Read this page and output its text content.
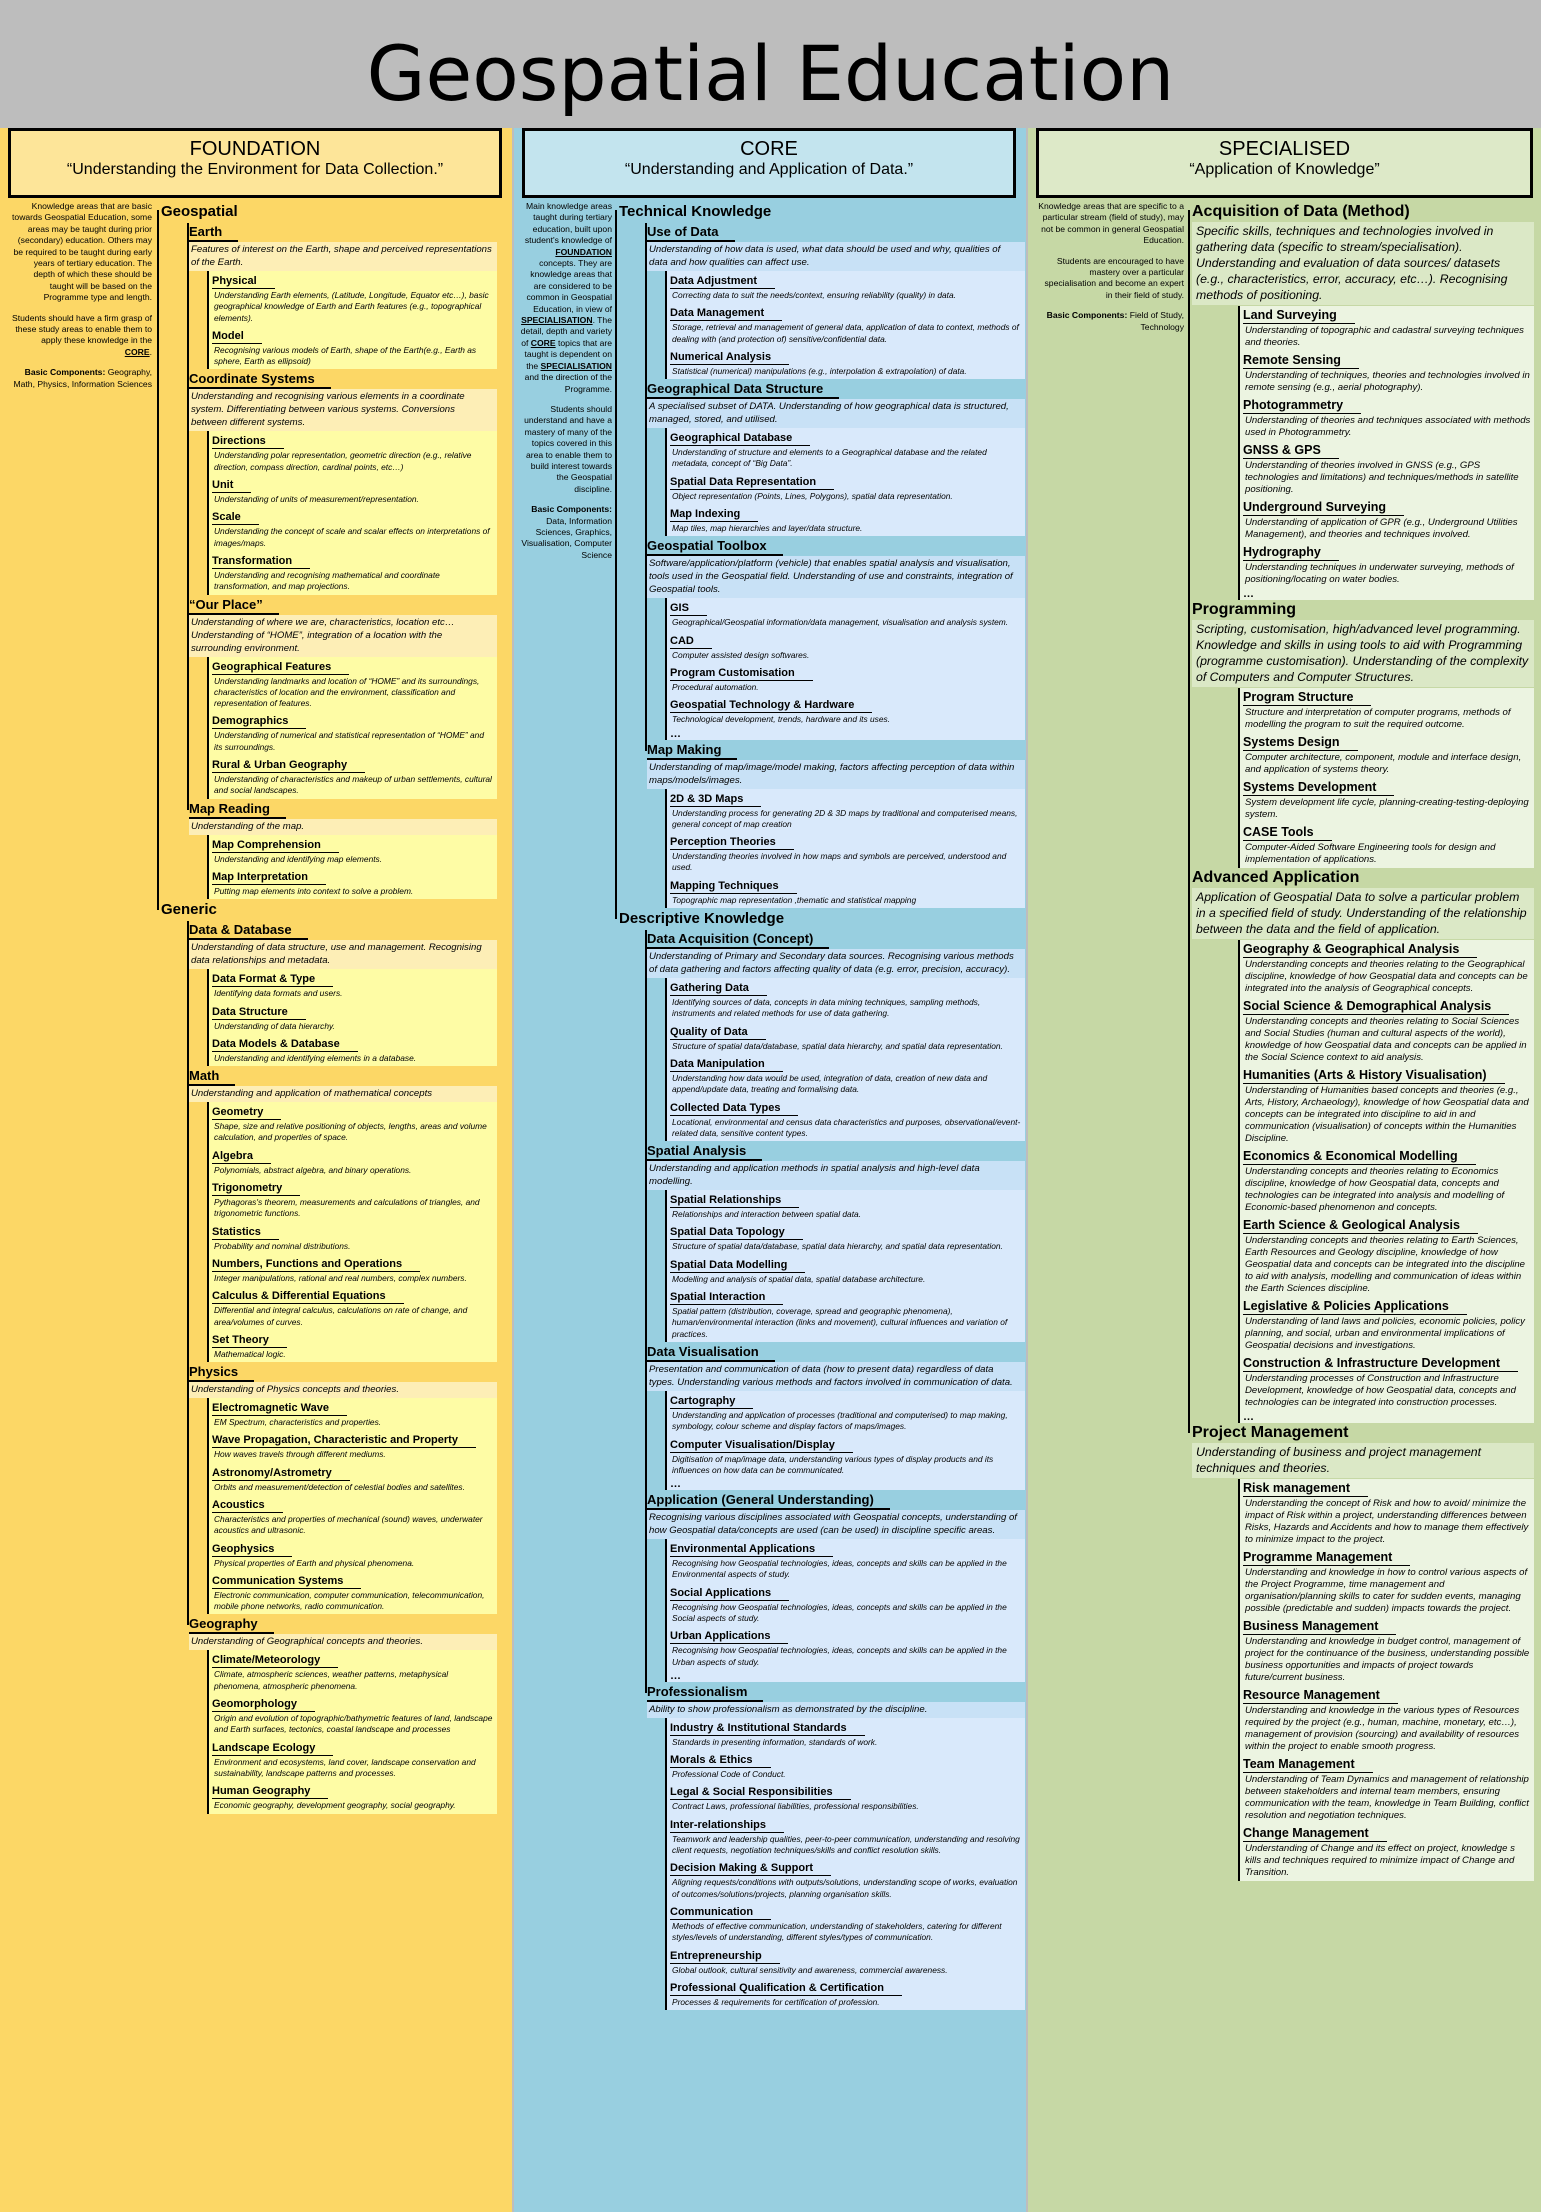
Geospatial Education
FOUNDATION
“Understanding the Environment for Data Collection.”

Knowledge areas that are basic towards Geospatial Education, some areas may be taught during prior (secondary) education. Others may be required to be taught during early years of tertiary education. The depth of which these should be taught will be based on the Programme type and length.

Students should have a firm grasp of these study areas to enable them to apply these knowledge in the CORE.

Basic Components: Geography, Math, Physics, Information Sciences

Geospatial
Earth
Features of interest on the Earth, shape and perceived representations of the Earth.
Physical
Understanding Earth elements, (Latitude, Longitude, Equator etc…), basic geographical knowledge of Earth and Earth features (e.g., topographical elements).
Model
Recognising various models of Earth, shape of the Earth(e.g., Earth as sphere, Earth as ellipsoid)
Coordinate Systems
Understanding and recognising various elements in a coordinate system. Differentiating between various systems. Conversions between different systems.
Directions
Understanding polar representation, geometric direction (e.g., relative direction, compass direction, cardinal points, etc…)
Unit
Understanding of units of measurement/representation.
Scale
Understanding the concept of scale and scalar effects on interpretations of images/maps.
Transformation
Understanding and recognising mathematical and coordinate transformation, and map projections.
“Our Place”
Understanding of where we are, characteristics, location etc… Understanding of “HOME”, integration of a location with the surrounding environment.
Geographical Features
Understanding landmarks and location of “HOME” and its surroundings, characteristics of location and the environment, classification and representation of features.
Demographics
Understanding of numerical and statistical representation of “HOME” and its surroundings.
Rural & Urban Geography
Understanding of characteristics and makeup of urban settlements, cultural and social landscapes.
Map Reading
Understanding of the map.
Map Comprehension
Understanding and identifying map elements.
Map Interpretation
Putting map elements into context to solve a problem.
Generic
Data & Database
Understanding of data structure, use and management. Recognising data relationships and metadata.
Data Format & Type
Identifying data formats and users.
Data Structure
Understanding of data hierarchy.
Data Models & Database
Understanding and identifying elements in a database.
Math
Understanding and application of mathematical concepts
Geometry
Shape, size and relative positioning of objects, lengths, areas and volume calculation, and properties of space.
Algebra
Polynomials, abstract algebra, and binary operations.
Trigonometry
Pythagoras's theorem, measurements and calculations of triangles, and trigonometric functions.
Statistics
Probability and nominal distributions.
Numbers, Functions and Operations
Integer manipulations, rational and real numbers, complex numbers.
Calculus & Differential Equations
Differential and integral calculus, calculations on rate of change, and area/volumes of curves.
Set Theory
Mathematical logic.
Physics
Understanding of Physics concepts and theories.
Electromagnetic Wave
EM Spectrum, characteristics and properties.
Wave Propagation, Characteristic and Property
How waves travels through different mediums.
Astronomy/Astrometry
Orbits and measurement/detection of celestial bodies and satellites.
Acoustics
Characteristics and properties of mechanical (sound) waves, underwater acoustics and ultrasonic.
Geophysics
Physical properties of Earth and physical phenomena.
Communication Systems
Electronic communication, computer communication, telecommunication, mobile phone networks, radio communication.
Geography
Understanding of Geographical concepts and theories.
Climate/Meteorology
Climate, atmospheric sciences, weather patterns, metaphysical phenomena, atmospheric phenomena.
Geomorphology
Origin and evolution of topographic/bathymetric features of land, landscape and Earth surfaces, tectonics, coastal landscape and processes
Landscape Ecology
Environment and ecosystems, land cover, landscape conservation and sustainability, landscape patterns and processes.
Human Geography
Economic geography, development geography, social geography.
CORE
“Understanding and Application of Data.”

Main knowledge areas taught during tertiary education, built upon student's knowledge of FOUNDATION concepts. They are knowledge areas that are considered to be common in Geospatial Education, in view of SPECIALISATION. The detail, depth and variety of CORE topics that are taught is dependent on the SPECIALISATION and the direction of the Programme.

Students should understand and have a mastery of many of the topics covered in this area to enable them to build interest towards the Geospatial discipline.

Basic Components:
Data, Information Sciences, Graphics, Visualisation, Computer Science

Technical Knowledge
Use of Data
Understanding of how data is used, what data should be used and why, qualities of data and how qualities can affect use.
Data Adjustment
Correcting data to suit the needs/context, ensuring reliability (quality) in data.
Data Management
Storage, retrieval and management of general data, application of data to context, methods of dealing with (and protection of) sensitive/confidential data.
Numerical Analysis
Statistical (numerical) manipulations (e.g., interpolation & extrapolation) of data.
Geographical Data Structure
A specialised subset of DATA. Understanding of how geographical data is structured, managed, stored, and utilised.
Geographical Database
Understanding of structure and elements to a Geographical database and the related metadata, concept of “Big Data”.
Spatial Data Representation
Object representation (Points, Lines, Polygons), spatial data representation.
Map Indexing
Map tiles, map hierarchies and layer/data structure.
Geospatial Toolbox
Software/application/platform (vehicle) that enables spatial analysis and visualisation, tools used in the Geospatial field. Understanding of use and constraints, integration of Geospatial tools.
GIS
Geographical/Geospatial information/data management, visualisation and analysis system.
CAD
Computer assisted design softwares.
Program Customisation
Procedural automation.
Geospatial Technology & Hardware
Technological development, trends, hardware and its uses.
…
Map Making
Understanding of map/image/model making, factors affecting perception of data within maps/models/images.
2D & 3D Maps
Understanding process for generating 2D & 3D maps by traditional and computerised means, general concept of map creation
Perception Theories
Understanding theories involved in how maps and symbols are perceived, understood and used.
Mapping Techniques
Topographic map representation ,thematic and statistical mapping
Descriptive Knowledge
Data Acquisition (Concept)
Understanding of Primary and Secondary data sources. Recognising various methods of data gathering and factors affecting quality of data (e.g. error, precision, accuracy).
Gathering Data
Identifying sources of data, concepts in data mining techniques, sampling methods, instruments and related methods for use of data gathering.
Quality of Data
Structure of spatial data/database, spatial data hierarchy, and spatial data representation.
Data Manipulation
Understanding how data would be used, integration of data, creation of new data and append/update data, treating and formalising data.
Collected Data Types
Locational, environmental and census data characteristics and purposes, observational/event-related data, sensitive content types.
Spatial Analysis
Understanding and application methods in spatial analysis and high-level data modelling.
Spatial Relationships
Relationships and interaction between spatial data.
Spatial Data Topology
Structure of spatial data/database, spatial data hierarchy, and spatial data representation.
Spatial Data Modelling
Modelling and analysis of spatial data, spatial database architecture.
Spatial Interaction
Spatial pattern (distribution, coverage, spread and geographic phenomena), human/environmental interaction (links and movement), cultural influences and variation of practices.
Data Visualisation
Presentation and communication of data (how to present data) regardless of data types. Understanding various methods and factors involved in communication of data.
Cartography
Understanding and application of processes (traditional and computerised) to map making, symbology, colour scheme and display factors of maps/images.
Computer Visualisation/Display
Digitisation of map/image data, understanding various types of display products and its influences on how data can be communicated.
…
Application (General Understanding)
Recognising various disciplines associated with Geospatial concepts, understanding of how Geospatial data/concepts are used (can be used) in discipline specific areas.
Environmental Applications
Recognising how Geospatial technologies, ideas, concepts and skills can be applied in the Environmental aspects of study.
Social Applications
Recognising how Geospatial technologies, ideas, concepts and skills can be applied in the Social aspects of study.
Urban Applications
Recognising how Geospatial technologies, ideas, concepts and skills can be applied in the Urban aspects of study.
…
Professionalism
Ability to show professionalism as demonstrated by the discipline.
Industry & Institutional Standards
Standards in presenting information, standards of work.
Morals & Ethics
Professional Code of Conduct.
Legal & Social Responsibilities
Contract Laws, professional liabilities, professional responsibilities.
Inter-relationships
Teamwork and leadership qualities, peer-to-peer communication, understanding and resolving client requests, negotiation techniques/skills and conflict resolution skills.
Decision Making & Support
Aligning requests/conditions with outputs/solutions, understanding scope of works, evaluation of outcomes/solutions/projects, planning organisation skills.
Communication
Methods of effective communication, understanding of stakeholders, catering for different styles/levels of understanding, different styles/types of communication.
Entrepreneurship
Global outlook, cultural sensitivity and awareness, commercial awareness.
Professional Qualification & Certification
Processes & requirements for certification of profession.
SPECIALISED
“Application of Knowledge”

Knowledge areas that are specific to a particular stream (field of study), may not be common in general Geospatial Education.

Students are encouraged to have mastery over a particular specialisation and become an expert in their field of study.

Basic Components: Field of Study, Technology

Acquisition of Data (Method)
Specific skills, techniques and technologies involved in gathering data (specific to stream/specialisation). Understanding and evaluation of data sources/ datasets (e.g., characteristics, error, accuracy, etc…). Recognising methods of positioning.
Land Surveying
Understanding of topographic and cadastral surveying techniques and theories.
Remote Sensing
Understanding of techniques, theories and technologies involved in remote sensing (e.g., aerial photography).
Photogrammetry
Understanding of theories and techniques associated with methods used in Photogrammetry.
GNSS & GPS
Understanding of theories involved in GNSS (e.g., GPS technologies and limitations) and techniques/methods in satellite positioning.
Underground Surveying
Understanding of application of GPR (e.g., Underground Utilities Management), and theories and techniques involved.
Hydrography
Understanding techniques in underwater surveying, methods of positioning/locating on water bodies.
…
Programming
Scripting, customisation, high/advanced level programming. Knowledge and skills in using tools to aid with Programming (programme customisation). Understanding of the complexity of Computers and Computer Structures.
Program Structure
Structure and interpretation of computer programs, methods of modelling the program to suit the required outcome.
Systems Design
Computer architecture, component, module and interface design, and application of systems theory.
Systems Development
System development life cycle, planning-creating-testing-deploying system.
CASE Tools
Computer-Aided Software Engineering tools for design and implementation of applications.
Advanced Application
Application of Geospatial Data to solve a particular problem in a specified field of study. Understanding of the relationship between the data and the field of application.
Geography & Geographical Analysis
Understanding concepts and theories relating to the Geographical discipline, knowledge of how Geospatial data and concepts can be integrated into the analysis of Geographical concepts.
Social Science & Demographical Analysis
Understanding concepts and theories relating to Social Sciences and Social Studies (human and cultural aspects of the world), knowledge of how Geospatial data and concepts can be applied in the Social Science context to aid analysis.
Humanities (Arts & History Visualisation)
Understanding of Humanities based concepts and theories (e.g., Arts, History, Archaeology), knowledge of how Geospatial data and concepts can be integrated into discipline to aid in and communication (visualisation) of concepts within the Humanities Discipline.
Economics & Economical Modelling
Understanding concepts and theories relating to Economics discipline, knowledge of how Geospatial data, concepts and technologies can be integrated into analysis and modelling of Economic-based phenomenon and concepts.
Earth Science & Geological Analysis
Understanding concepts and theories relating to Earth Sciences, Earth Resources and Geology discipline, knowledge of how Geospatial data and concepts can be integrated into the discipline to aid with analysis, modelling and communication of ideas within the Earth Sciences discipline.
Legislative & Policies Applications
Understanding of land laws and policies, economic policies, policy planning, and social, urban and environmental implications of Geospatial decisions and investigations.
Construction & Infrastructure Development
Understanding processes of Construction and Infrastructure Development, knowledge of how Geospatial data, concepts and technologies can be integrated into construction processes.
…
Project Management
Understanding of business and project management techniques and theories.
Risk management
Understanding the concept of Risk and how to avoid/ minimize the impact of Risk within a project, understanding differences between Risks, Hazards and Accidents and how to manage them effectively to minimize impact to the project.
Programme Management
Understanding and knowledge in how to control various aspects of the Project Programme, time management and organisation/planning skills to cater for sudden events, managing possible (predictable and sudden) impacts towards the project.
Business Management
Understanding and knowledge in budget control, management of project for the continuance of the business, understanding possible business opportunities and impacts of project towards future/current business.
Resource Management
Understanding and knowledge in the various types of Resources required by the project (e.g., human, machine, monetary, etc…), management of provision (sourcing) and availability of resources within the project to enable smooth progress.
Team Management
Understanding of Team Dynamics and management of relationship between stakeholders and internal team members, ensuring communication with the team, knowledge in Team Building, conflict resolution and negotiation techniques.
Change Management
Understanding of Change and its effect on project, knowledge s kills and techniques required to minimize impact of Change and Transition.
